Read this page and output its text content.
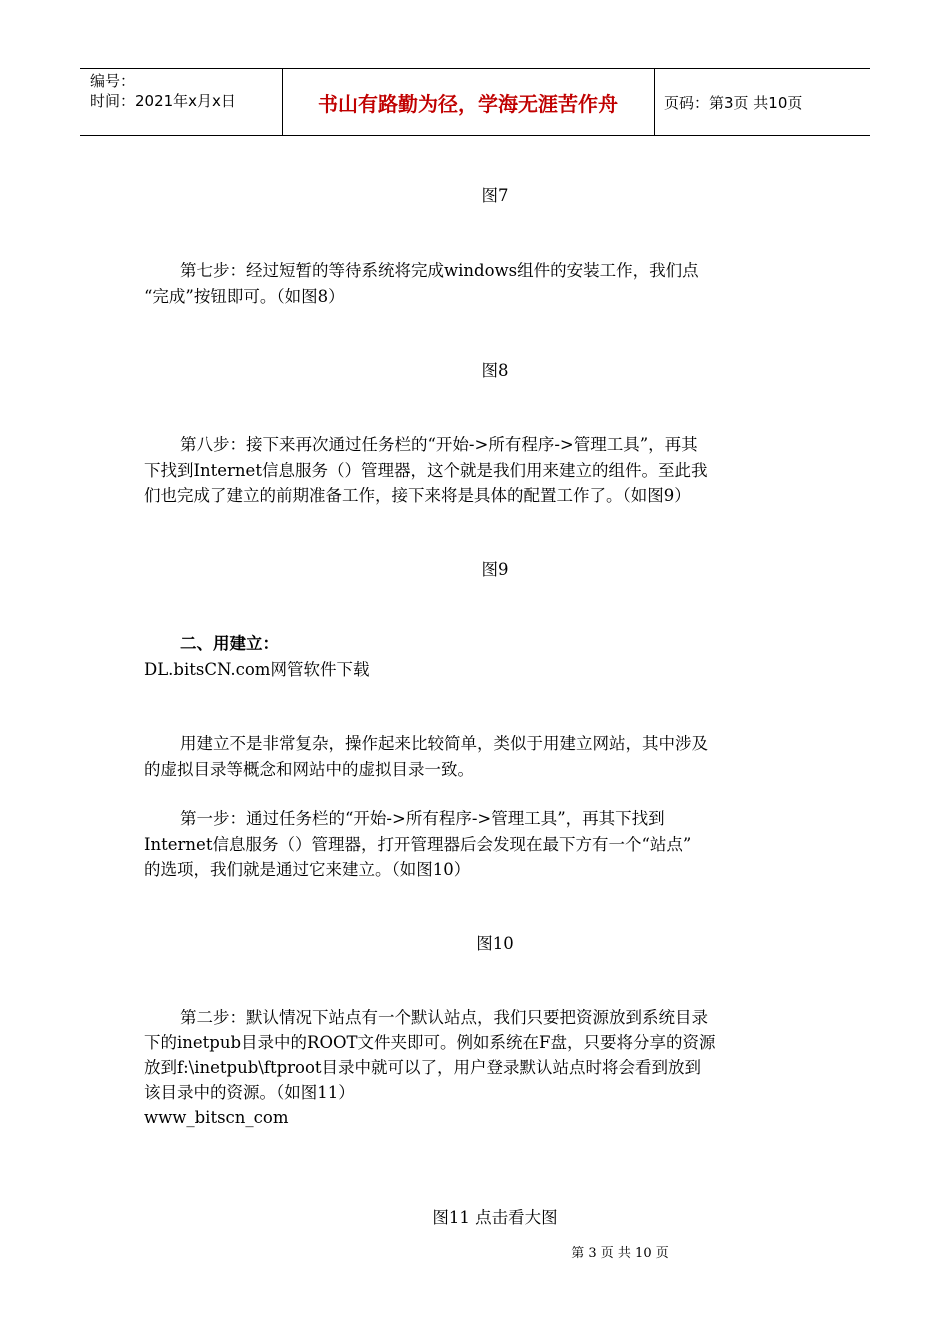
编号：
时间：2021年x月x日	书山有路勤为径，学海无涯苦作舟	页码：第3页 共10页
图7
第七步：经过短暂的等待系统将完成windows组件的安装工作，我们点
“完成”按钮即可。（如图8）
图8
第八步：接下来再次通过任务栏的“开始->所有程序->管理工具”，再其
下找到Internet信息服务（）管理器，这个就是我们用来建立的组件。至此我
们也完成了建立的前期准备工作，接下来将是具体的配置工作了。（如图9）
图9
二、用建立：
DL.bitsCN.com网管软件下载
用建立不是非常复杂，操作起来比较简单，类似于用建立网站，其中涉及
的虚拟目录等概念和网站中的虚拟目录一致。
第一步：通过任务栏的“开始->所有程序->管理工具”，再其下找到
Internet信息服务（）管理器，打开管理器后会发现在最下方有一个“站点”
的选项，我们就是通过它来建立。（如图10）
图10
第二步：默认情况下站点有一个默认站点，我们只要把资源放到系统目录
下的inetpub目录中的ROOT文件夹即可。例如系统在F盘，只要将分享的资源
放到f:\inetpub\ftproot目录中就可以了，用户登录默认站点时将会看到放到
该目录中的资源。（如图11）
www_bitscn_com
图11 点击看大图
第 3 页 共 10 页
